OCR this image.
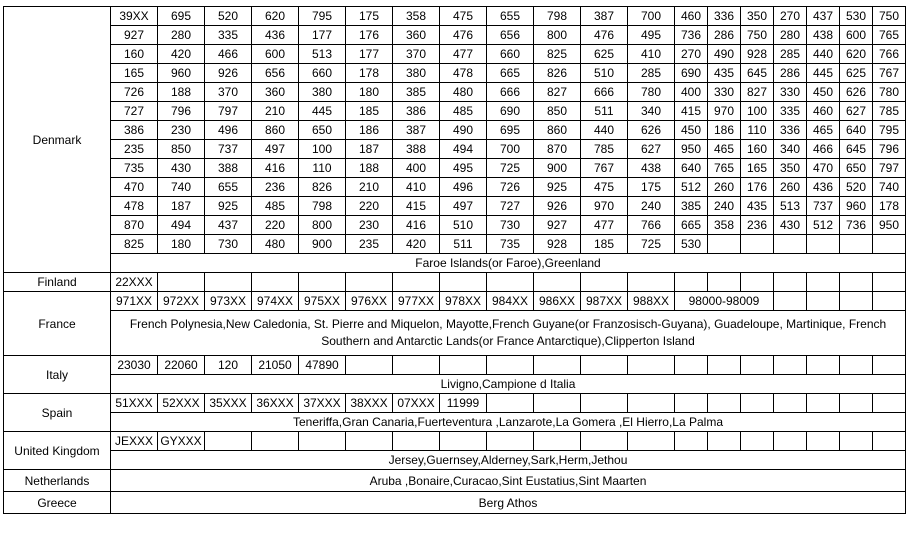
Denmark	39XX	695	520	620	795	175	358	475	655	798	387	700	460	336	350	270	437	530	750
	927	280	335	436	177	176	360	476	656	800	476	495	736	286	750	280	438	600	765
	160	420	466	600	513	177	370	477	660	825	625	410	270	490	928	285	440	620	766
	165	960	926	656	660	178	380	478	665	826	510	285	690	435	645	286	445	625	767
	726	188	370	360	380	180	385	480	666	827	666	780	400	330	827	330	450	626	780
	727	796	797	210	445	185	386	485	690	850	511	340	415	970	100	335	460	627	785
	386	230	496	860	650	186	387	490	695	860	440	626	450	186	110	336	465	640	795
	235	850	737	497	100	187	388	494	700	870	785	627	950	465	160	340	466	645	796
	735	430	388	416	110	188	400	495	725	900	767	438	640	765	165	350	470	650	797
	470	740	655	236	826	210	410	496	726	925	475	175	512	260	176	260	436	520	740
	478	187	925	485	798	220	415	497	727	926	970	240	385	240	435	513	737	960	178
	870	494	437	220	800	230	416	510	730	927	477	766	665	358	236	430	512	736	950
	825	180	730	480	900	235	420	511	735	928	185	725	530						
	Faroe Islands(or Faroe),Greenland																		
Finland	22XXX																		
France	971XX	972XX	973XX	974XX	975XX	976XX	977XX	978XX	984XX	986XX	987XX	988XX	98000-98009						
	French Polynesia,New Caledonia, St. Pierre and Miquelon, Mayotte,French Guyane(or Franzosisch-Guyana), Guadeloupe, Martinique, French Southern and Antarctic Lands(or France Antarctique),Clipperton Island																		
Italy	23030	22060	120	21050	47890														
	Livigno,Campione d Italia																		
Spain	51XXX	52XXX	35XXX	36XXX	37XXX	38XXX	07XXX	11999											
	Teneriffa,Gran Canaria,Fuerteventura ,Lanzarote,La Gomera ,El Hierro,La Palma																		
United Kingdom	JEXXX	GYXXX																	
	Jersey,Guernsey,Alderney,Sark,Herm,Jethou																		
Netherlands	Aruba ,Bonaire,Curacao,Sint Eustatius,Sint Maarten																		
Greece	Berg Athos																		
